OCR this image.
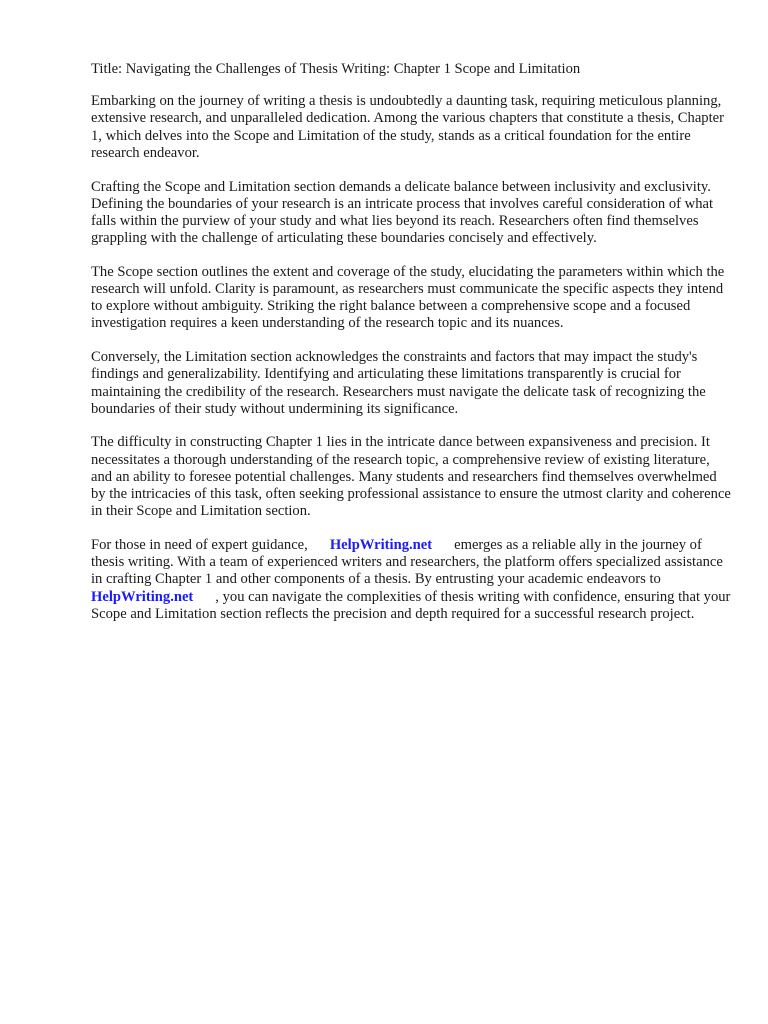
Title: Navigating the Challenges of Thesis Writing: Chapter 1 Scope and Limitation

Embarking on the journey of writing a thesis is undoubtedly a daunting task, requiring meticulous planning, extensive research, and unparalleled dedication. Among the various chapters that constitute a thesis, Chapter 1, which delves into the Scope and Limitation of the study, stands as a critical foundation for the entire research endeavor.

Crafting the Scope and Limitation section demands a delicate balance between inclusivity and exclusivity. Defining the boundaries of your research is an intricate process that involves careful consideration of what falls within the purview of your study and what lies beyond its reach. Researchers often find themselves grappling with the challenge of articulating these boundaries concisely and effectively.

The Scope section outlines the extent and coverage of the study, elucidating the parameters within which the research will unfold. Clarity is paramount, as researchers must communicate the specific aspects they intend to explore without ambiguity. Striking the right balance between a comprehensive scope and a focused investigation requires a keen understanding of the research topic and its nuances.

Conversely, the Limitation section acknowledges the constraints and factors that may impact the study's findings and generalizability. Identifying and articulating these limitations transparently is crucial for maintaining the credibility of the research. Researchers must navigate the delicate task of recognizing the boundaries of their study without undermining its significance.

The difficulty in constructing Chapter 1 lies in the intricate dance between expansiveness and precision. It necessitates a thorough understanding of the research topic, a comprehensive review of existing literature, and an ability to foresee potential challenges. Many students and researchers find themselves overwhelmed by the intricacies of this task, often seeking professional assistance to ensure the utmost clarity and coherence in their Scope and Limitation section.

For those in need of expert guidance, HelpWriting.net emerges as a reliable ally in the journey of thesis writing. With a team of experienced writers and researchers, the platform offers specialized assistance in crafting Chapter 1 and other components of a thesis. By entrusting your academic endeavors toHelpWriting.net , you can navigate the complexities of thesis writing with confidence, ensuring that your Scope and Limitation section reflects the precision and depth required for a successful research project.
